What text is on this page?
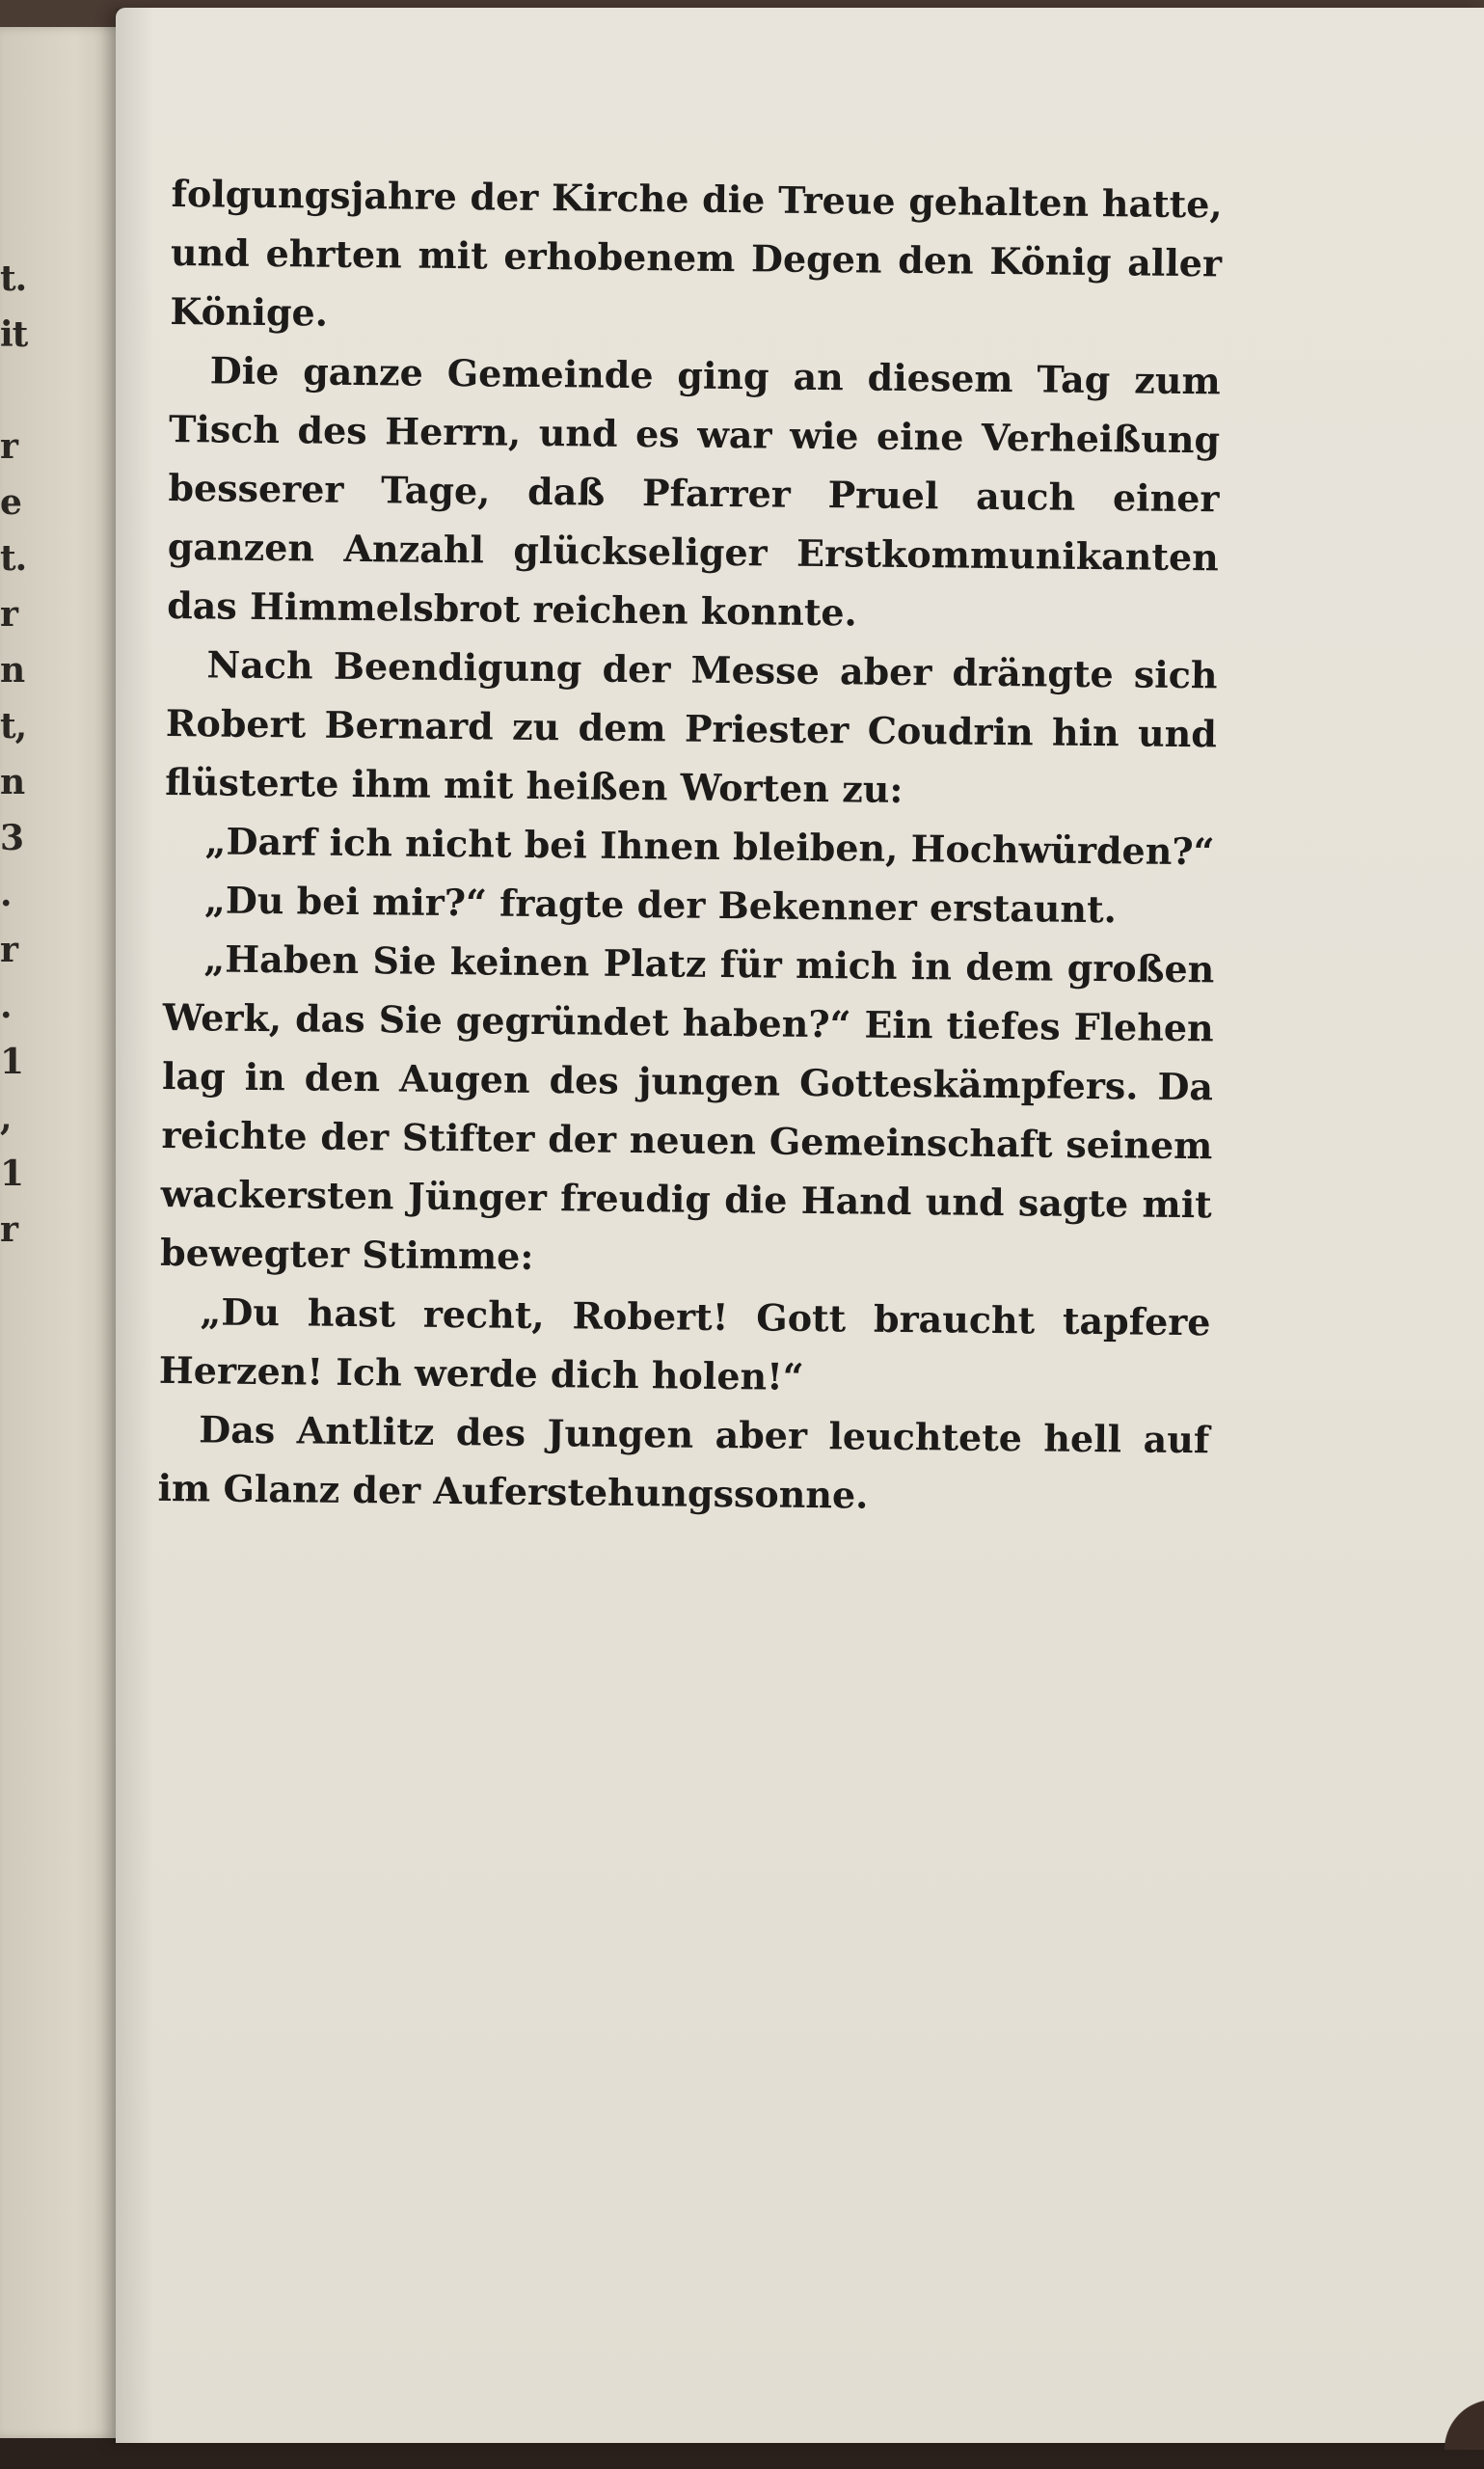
t.
it
r
e
t.
r
n
t,
n
3
.
r
.
1
,
1
r

folgungsjahre der Kirche die Treue gehalten hatte, und ehrten mit erhobenem Degen den König aller Könige.

Die ganze Gemeinde ging an diesem Tag zum Tisch des Herrn, und es war wie eine Verheißung besserer Tage, daß Pfarrer Pruel auch einer ganzen Anzahl glückseliger Erstkommunikanten das Himmelsbrot reichen konnte.

Nach Beendigung der Messe aber drängte sich Robert Bernard zu dem Priester Coudrin hin und flüsterte ihm mit heißen Worten zu:

„Darf ich nicht bei Ihnen bleiben, Hochwürden?“

„Du bei mir?“ fragte der Bekenner erstaunt.

„Haben Sie keinen Platz für mich in dem großen Werk, das Sie gegründet haben?“ Ein tiefes Flehen lag in den Augen des jungen Gotteskämpfers. Da reichte der Stifter der neuen Gemeinschaft seinem wackersten Jünger freudig die Hand und sagte mit bewegter Stimme:

„Du hast recht, Robert! Gott braucht tapfere Herzen! Ich werde dich holen!“

Das Antlitz des Jungen aber leuchtete hell auf im Glanz der Auferstehungssonne.
